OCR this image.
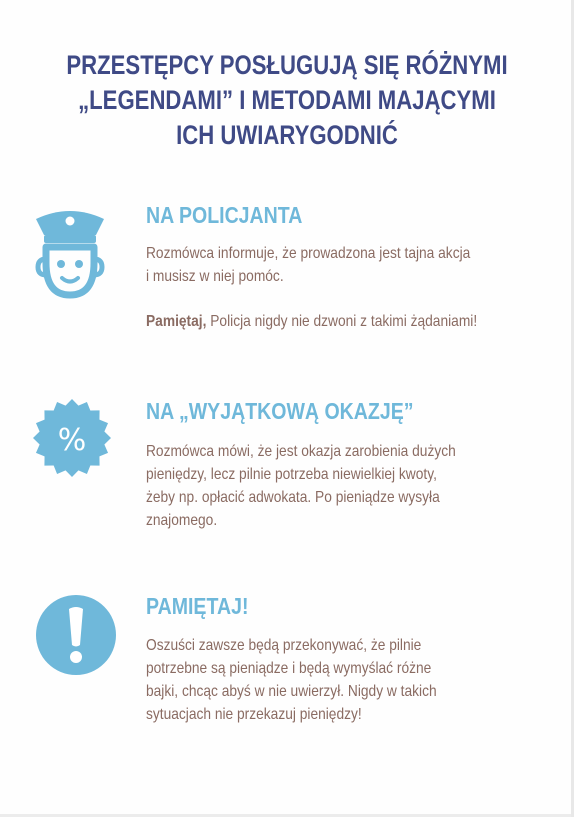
PRZESTĘPCY POSŁUGUJĄ SIĘ RÓŻNYMI
„LEGENDAMI” I METODAMI MAJĄCYMI
ICH UWIARYGODNIĆ
NA POLICJANTA

Rozmówca informuje, że prowadzona jest tajna akcja

i musisz w niej pomóc.

Pamiętaj, Policja nigdy nie dzwoni z takimi żądaniami!

%
NA „WYJĄTKOWĄ OKAZJĘ”

Rozmówca mówi, że jest okazja zarobienia dużych

pieniędzy, lecz pilnie potrzeba niewielkiej kwoty,

żeby np. opłacić adwokata. Po pieniądze wysyła

znajomego.

PAMIĘTAJ!

Oszuści zawsze będą przekonywać, że pilnie

potrzebne są pieniądze i będą wymyślać różne

bajki, chcąc abyś w nie uwierzył. Nigdy w takich

sytuacjach nie przekazuj pieniędzy!
